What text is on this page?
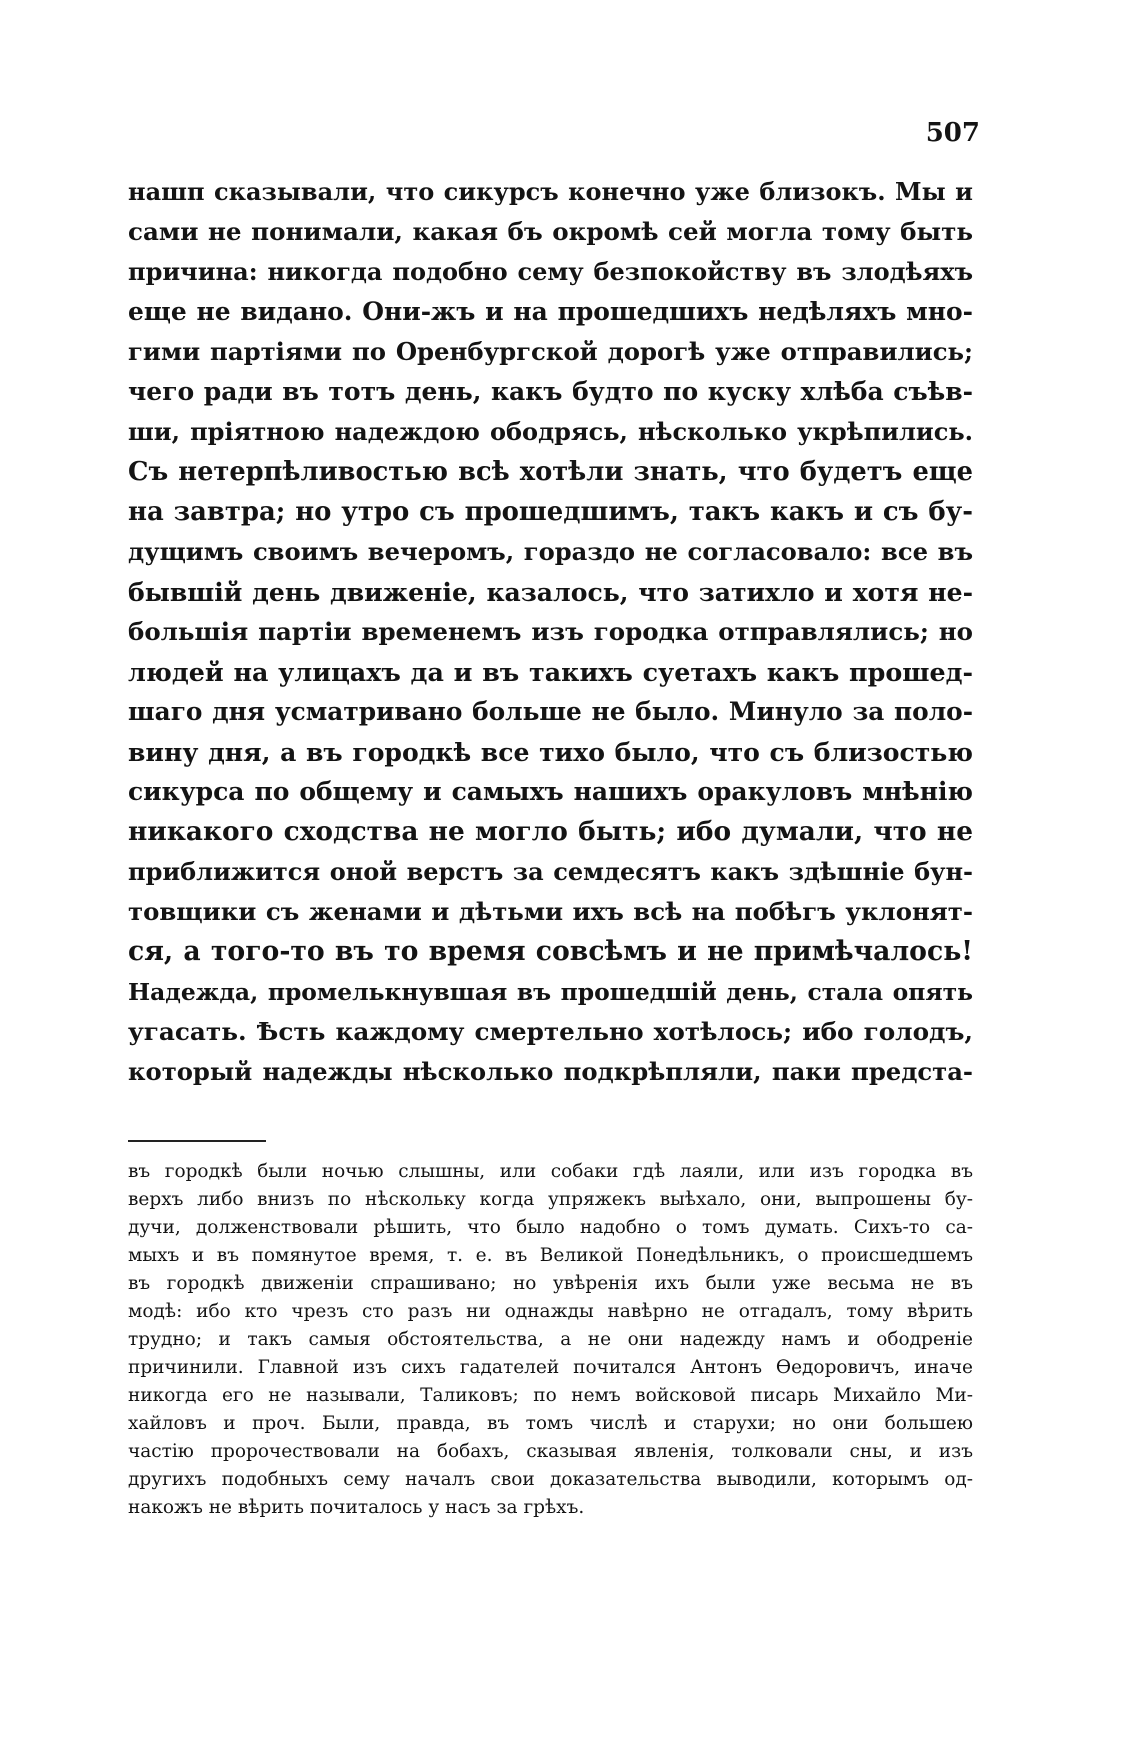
507
нашп сказывали, что сикурсъ конечно уже близокъ. Мы и
сами не понимали, какая бъ окромѣ сей могла тому быть
причина: никогда подобно сему безпокойству въ злодѣяхъ
еще не видано. Они-жъ и на прошедшихъ недѣляхъ мно-
гими партіями по Оренбургской дорогѣ уже отправились;
чего ради въ тотъ день, какъ будто по куску хлѣба съѣв-
ши, пріятною надеждою ободрясь, нѣсколько укрѣпились.
Съ нетерпѣливостью всѣ хотѣли знать, что будетъ еще
на завтра; но утро съ прошедшимъ, такъ какъ и съ бу-
дущимъ своимъ вечеромъ, гораздо не согласовало: все въ
бывшій день движеніе, казалось, что затихло и хотя не-
большія партіи временемъ изъ городка отправлялись; но
людей на улицахъ да и въ такихъ суетахъ какъ прошед-
шаго дня усматривано больше не было. Минуло за поло-
вину дня, а въ городкѣ все тихо было, что съ близостью
сикурса по общему и самыхъ нашихъ оракуловъ мнѣнію
никакого сходства не могло быть; ибо думали, что не
приближится оной верстъ за семдесятъ какъ здѣшніе бун-
товщики съ женами и дѣтьми ихъ всѣ на побѣгъ уклонят-
ся, а того-то въ то время совсѣмъ и не примѣчалось!
Надежда, промелькнувшая въ прошедшій день, стала опять
угасать. Ѣсть каждому смертельно хотѣлось; ибо голодъ,
который надежды нѣсколько подкрѣпляли, паки предста-
въ городкѣ были ночью слышны, или собаки гдѣ лаяли, или изъ городка въ
верхъ либо внизъ по нѣскольку когда упряжекъ выѣхало, они, выпрошены бу-
дучи, долженствовали рѣшить, что было надобно о томъ думать. Сихъ-то са-
мыхъ и въ помянутое время, т. е. въ Великой Понедѣльникъ, о происшедшемъ
въ городкѣ движеніи спрашивано; но увѣренія ихъ были уже весьма не въ
модѣ: ибо кто чрезъ сто разъ ни однажды навѣрно не отгадалъ, тому вѣрить
трудно; и такъ самыя обстоятельства, а не они надежду намъ и ободреніе
причинили. Главной изъ сихъ гадателей почитался Антонъ Ѳедоровичъ, иначе
никогда его не называли, Таликовъ; по немъ войсковой писарь Михайло Ми-
хайловъ и проч. Были, правда, въ томъ числѣ и старухи; но они большею
частію пророчествовали на бобахъ, сказывая явленія, толковали сны, и изъ
другихъ подобныхъ сему началъ свои доказательства выводили, которымъ од-
накожъ не вѣрить почиталось у насъ за грѣхъ.
